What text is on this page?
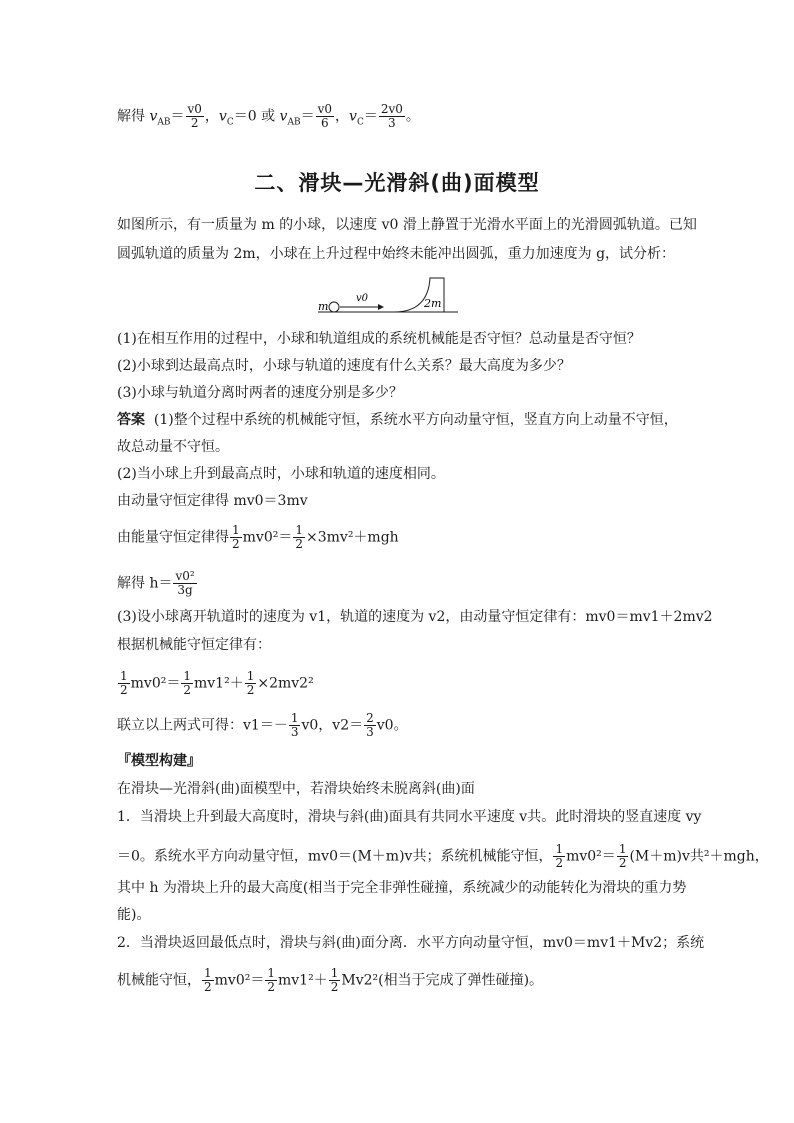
解得 $v_{AB}= \frac{v0}{2}$ ，$v_C=0$ 或 $v_{AB}= \frac{v0}{6}$ ，$v_C= \frac{2v0}{3}$ 。
二、滑块—光滑斜(曲)面模型
如图所示，有一质量为 m 的小球，以速度 v0 滑上静置于光滑水平面上的光滑圆弧轨道。已知
圆弧轨道的质量为 2m，小球在上升过程中始终未能冲出圆弧，重力加速度为 g，试分析：
m
v0	2m
(1)在相互作用的过程中，小球和轨道组成的系统机械能是否守恒？总动量是否守恒？
(2)小球到达最高点时，小球与轨道的速度有什么关系？最大高度为多少？
(3)小球与轨道分离时两者的速度分别是多少？
答案 (1)整个过程中系统的机械能守恒，系统水平方向动量守恒，竖直方向上动量不守恒，
故总动量不守恒。
(2)当小球上升到最高点时，小球和轨道的速度相同。
由动量守恒定律得 mv0＝3mv
由能量守恒定律得 $\frac{1}{2} mv0^2= \frac{1}{2} \times 3mv^2+mgh$
解得 $h= \frac{\text{v0²}}{3g}$
(3)设小球离开轨道时的速度为 v1，轨道的速度为 v2，由动量守恒定律有：mv0＝mv1＋2mv2
根据机械能守恒定律有：
$\frac{1}{2} mv0^2= \frac{1}{2} mv1^2+ \frac{1}{2} \times 2mv2^2$
联立以上两式可得：$v1=- \frac{1}{3} v0$，$v2= \frac{2}{3} v0$。
『模型构建』
在滑块—光滑斜(曲)面模型中，若滑块始终未脱离斜(曲)面
1．当滑块上升到最大高度时，滑块与斜(曲)面具有共同水平速度 v共。此时滑块的竖直速度 vy
＝0。系统水平方向动量守恒，mv0＝(M＋m)v共；系统机械能守恒， $\frac{1}{2} mv0^2= \frac{1}{2} (M+m)v$共²＋mgh，
其中 h 为滑块上升的最大高度(相当于完全非弹性碰撞，系统减少的动能转化为滑块的重力势
能)。
2．当滑块返回最低点时，滑块与斜(曲)面分离．水平方向动量守恒，mv0＝mv1＋Mv2；系统
机械能守恒， $\frac{1}{2} mv0^2= \frac{1}{2} mv1^2+ \frac{1}{2} Mv2^2$(相当于完成了弹性碰撞)。
